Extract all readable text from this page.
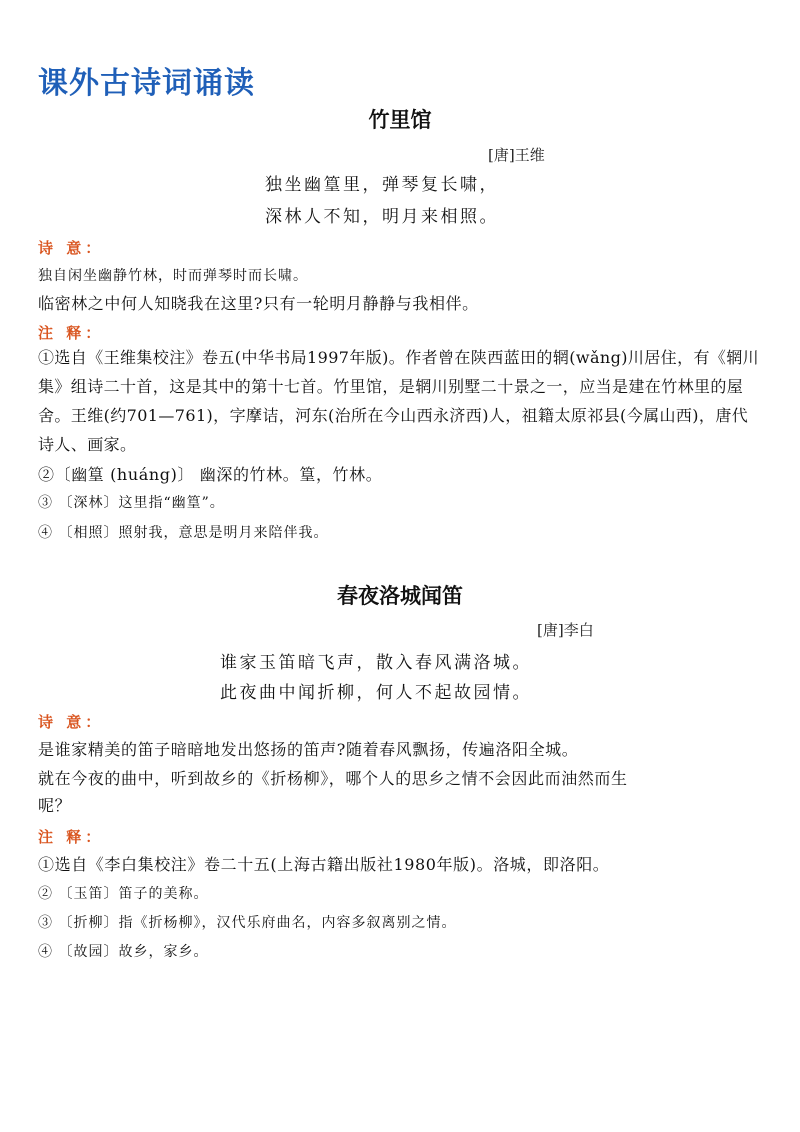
课外古诗词诵读
竹里馆
[唐]王维
独坐幽篁里，弹琴复长啸，
深林人不知，明月来相照。
诗 意：
独自闲坐幽静竹林，时而弹琴时而长啸。
临密林之中何人知晓我在这里?只有一轮明月静静与我相伴。
注 释：
①选自《王维集校注》卷五(中华书局1997年版)。作者曾在陕西蓝田的辋(wǎng)川居住，有《辋川集》组诗二十首，这是其中的第十七首。竹里馆，是辋川别墅二十景之一，应当是建在竹林里的屋舍。王维(约701—761)，字摩诘，河东(治所在今山西永济西)人，祖籍太原祁县(今属山西)，唐代诗人、画家。
②〔幽篁 (huáng)〕 幽深的竹林。篁，竹林。
③ 〔深林〕这里指“幽篁”。
④ 〔相照〕照射我，意思是明月来陪伴我。
春夜洛城闻笛
[唐]李白
谁家玉笛暗飞声，散入春风满洛城。
此夜曲中闻折柳，何人不起故园情。
诗 意：
是谁家精美的笛子暗暗地发出悠扬的笛声?随着春风飘扬，传遍洛阳全城。
就在今夜的曲中，听到故乡的《折杨柳》，哪个人的思乡之情不会因此而油然而生
呢？
注 释：
①选自《李白集校注》卷二十五(上海古籍出版社1980年版)。洛城，即洛阳。
② 〔玉笛〕笛子的美称。
③ 〔折柳〕指《折杨柳》，汉代乐府曲名，内容多叙离别之情。
④ 〔故园〕故乡，家乡。
